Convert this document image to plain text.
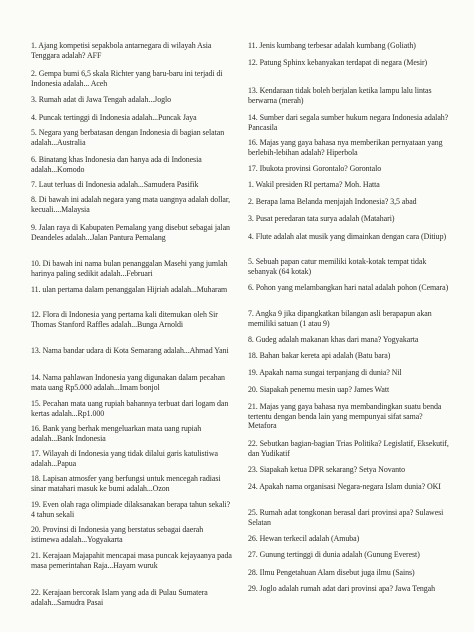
1. Ajang kompetisi sepakbola antarnegara di wilayah Asia Tenggara adalah? AFF
2. Gempa bumi 6,5 skala Richter yang baru-baru ini terjadi di Indonesia adalah... Aceh
3. Rumah adat di Jawa Tengah adalah...Joglo
4. Puncak tertinggi di Indonesia adalah...Puncak Jaya
5. Negara yang berbatasan dengan Indonesia di bagian selatan adalah...Australia
6. Binatang khas Indonesia dan hanya ada di Indonesia adalah...Komodo
7. Laut terluas di Indonesia adalah...Samudera Pasifik
8. Di bawah ini adalah negara yang mata uangnya adalah dollar, kecuali....Malaysia
9. Jalan raya di Kabupaten Pemalang yang disebut sebagai jalan Deandeles adalah...Jalan Pantura Pemalang
10. Di bawah ini nama bulan penanggalan Masehi yang jumlah harinya paling sedikit adalah...Februari
11. ulan pertama dalam penanggalan Hijriah adalah...Muharam
12. Flora di Indonesia yang pertama kali ditemukan oleh Sir Thomas Stanford Raffles adalah...Bunga Arnoldi
13. Nama bandar udara di Kota Semarang adalah...Ahmad Yani
14. Nama pahlawan Indonesia yang digunakan dalam pecahan mata uang Rp5.000 adalah...Imam bonjol
15. Pecahan mata uang rupiah bahannya terbuat dari logam dan kertas adalah...Rp1.000
16. Bank yang berhak mengeluarkan mata uang rupiah adalah...Bank Indonesia
17. Wilayah di Indonesia yang tidak dilalui garis katulistiwa adalah...Papua
18. Lapisan atmosfer yang berfungsi untuk mencegah radiasi sinar matahari masuk ke bumi adalah...Ozon
19. Even olah raga olimpiade dilaksanakan berapa tahun sekali?4 tahun sekali
20. Provinsi di Indonesia yang berstatus sebagai daerah istimewa adalah...Yogyakarta
21. Kerajaan Majapahit mencapai masa puncak kejayaanya pada masa pemerintahan Raja...Hayam wuruk
22. Kerajaan bercorak Islam yang ada di Pulau Sumatera adalah...Samudra Pasai
11. Jenis kumbang terbesar adalah kumbang (Goliath)
12. Patung Sphinx kebanyakan terdapat di negara (Mesir)
13. Kendaraan tidak boleh berjalan ketika lampu lalu lintas berwarna (merah)
14. Sumber dari segala sumber hukum negara Indonesia adalah? Pancasila
16. Majas yang gaya bahasa nya memberikan pernyataan yang berlebih-lebihan adalah? Hiperbola
17. Ibukota provinsi Gorontalo? Gorontalo
1. Wakil presiden RI pertama? Moh. Hatta
2. Berapa lama Belanda menjajah Indonesia? 3,5 abad
3. Pusat peredaran tata surya adalah (Matahari)
4. Flute adalah alat musik yang dimainkan dengan cara (Ditiup)
5. Sebuah papan catur memiliki kotak-kotak tempat tidak sebanyak (64 kotak)
6. Pohon yang melambangkan hari natal adalah pohon (Cemara)
7. Angka 9 jika dipangkatkan bilangan asli berapapun akan memiliki satuan (1 atau 9)
8. Gudeg adalah makanan khas dari mana? Yogyakarta
18. Bahan bakar kereta api adalah (Batu bara)
19. Apakah nama sungai terpanjang di dunia? Nil
20. Siapakah penemu mesin uap? James Watt
21. Majas yang gaya bahasa nya membandingkan suatu benda tertentu dengan benda lain yang mempunyai sifat sama? Metafora
22. Sebutkan bagian-bagian Trias Politika? Legislatif, Eksekutif, dan Yudikatif
23. Siapakah ketua DPR sekarang? Setya Novanto
24. Apakah nama organisasi Negara-negara Islam dunia? OKI
25. Rumah adat tongkonan berasal dari provinsi apa? Sulawesi Selatan
26. Hewan terkecil adalah (Amuba)
27. Gunung tertinggi di dunia adalah (Gunung Everest)
28. Ilmu Pengetahuan Alam disebut juga ilmu (Sains)
29. Joglo adalah rumah adat dari provinsi apa? Jawa Tengah
